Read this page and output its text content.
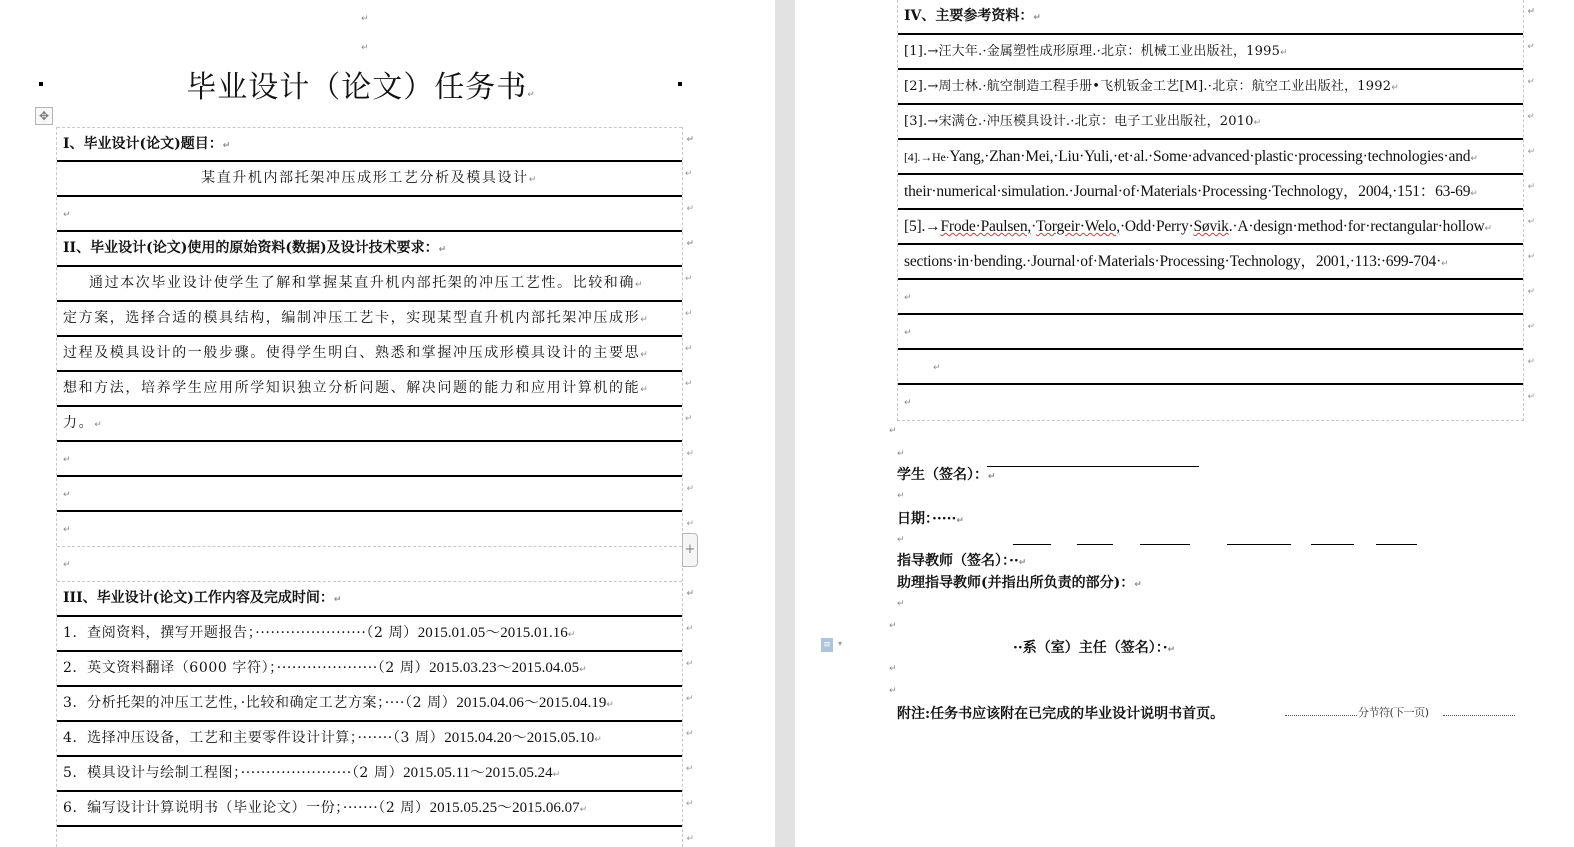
↵
↵
毕业设计（论文）任务书↵
✥
I、毕业设计(论文)题目：↵
↵
某直升机内部托架冲压成形工艺分析及模具设计↵
↵
↵
↵
II、毕业设计(论文)使用的原始资料(数据)及设计技术要求：↵
↵
通过本次毕业设计使学生了解和掌握某直升机内部托架的冲压工艺性。比较和确↵
↵
定方案，选择合适的模具结构，编制冲压工艺卡，实现某型直升机内部托架冲压成形↵
↵
过程及模具设计的一般步骤。使得学生明白、熟悉和掌握冲压成形模具设计的主要思↵
↵
想和方法，培养学生应用所学知识独立分析问题、解决问题的能力和应用计算机的能↵
↵
力。↵
↵
↵
↵
↵
↵
↵
↵
↵
III、毕业设计(论文)工作内容及完成时间：↵
↵
1．查阅资料，撰写开题报告；······················（2 周）2015.01.05～2015.01.16↵
↵
2．英文资料翻译（6000 字符）；····················（2 周）2015.03.23～2015.04.05↵
↵
3．分析托架的冲压工艺性，·比较和确定工艺方案；····（2 周）2015.04.06～2015.04.19↵
↵
4．选择冲压设备，工艺和主要零件设计计算；·······（3 周）2015.04.20～2015.05.10↵
↵
5．模具设计与绘制工程图；······················（2 周）2015.05.11～2015.05.24↵
↵
6．编写设计计算说明书（毕业论文）一份；·······（2 周）2015.05.25～2015.06.07↵
↵
↵
+
IV、主要参考资料：↵
↵
[1].→汪大年.·金属塑性成形原理.·北京：机械工业出版社，1995↵
↵
[2].→周士林.·航空制造工程手册•飞机钣金工艺[M].·北京：航空工业出版社，1992↵
↵
[3].→宋满仓.·冲压模具设计.·北京：电子工业出版社，2010↵
↵
[4].→He·Yang,·Zhan·Mei,·Liu·Yuli,·et·al.·Some·advanced·plastic·processing·technologies·and↵
↵
their·numerical·simulation.·Journal·of·Materials·Processing·Technology，2004,·151：63-69↵
↵
[5].→Frode·Paulsen,·Torgeir·Welo,·Odd·Perry·Søvik.·A·design·method·for·rectangular·hollow↵
↵
sections·in·bending.·Journal·of·Materials·Processing·Technology，2001,·113:·699-704·↵
↵
↵
↵
↵
↵
↵
↵
↵
↵
↵
↵
学生（签名）：↵
↵
日期：·····↵
↵
指导教师（签名）：··↵
助理指导教师(并指出所负责的部分)：↵
↵
↵
≡ ▾	··系（室）主任（签名）：·↵
↵
↵
附注:任务书应该附在已完成的毕业设计说明书首页。	分节符(下一页)
